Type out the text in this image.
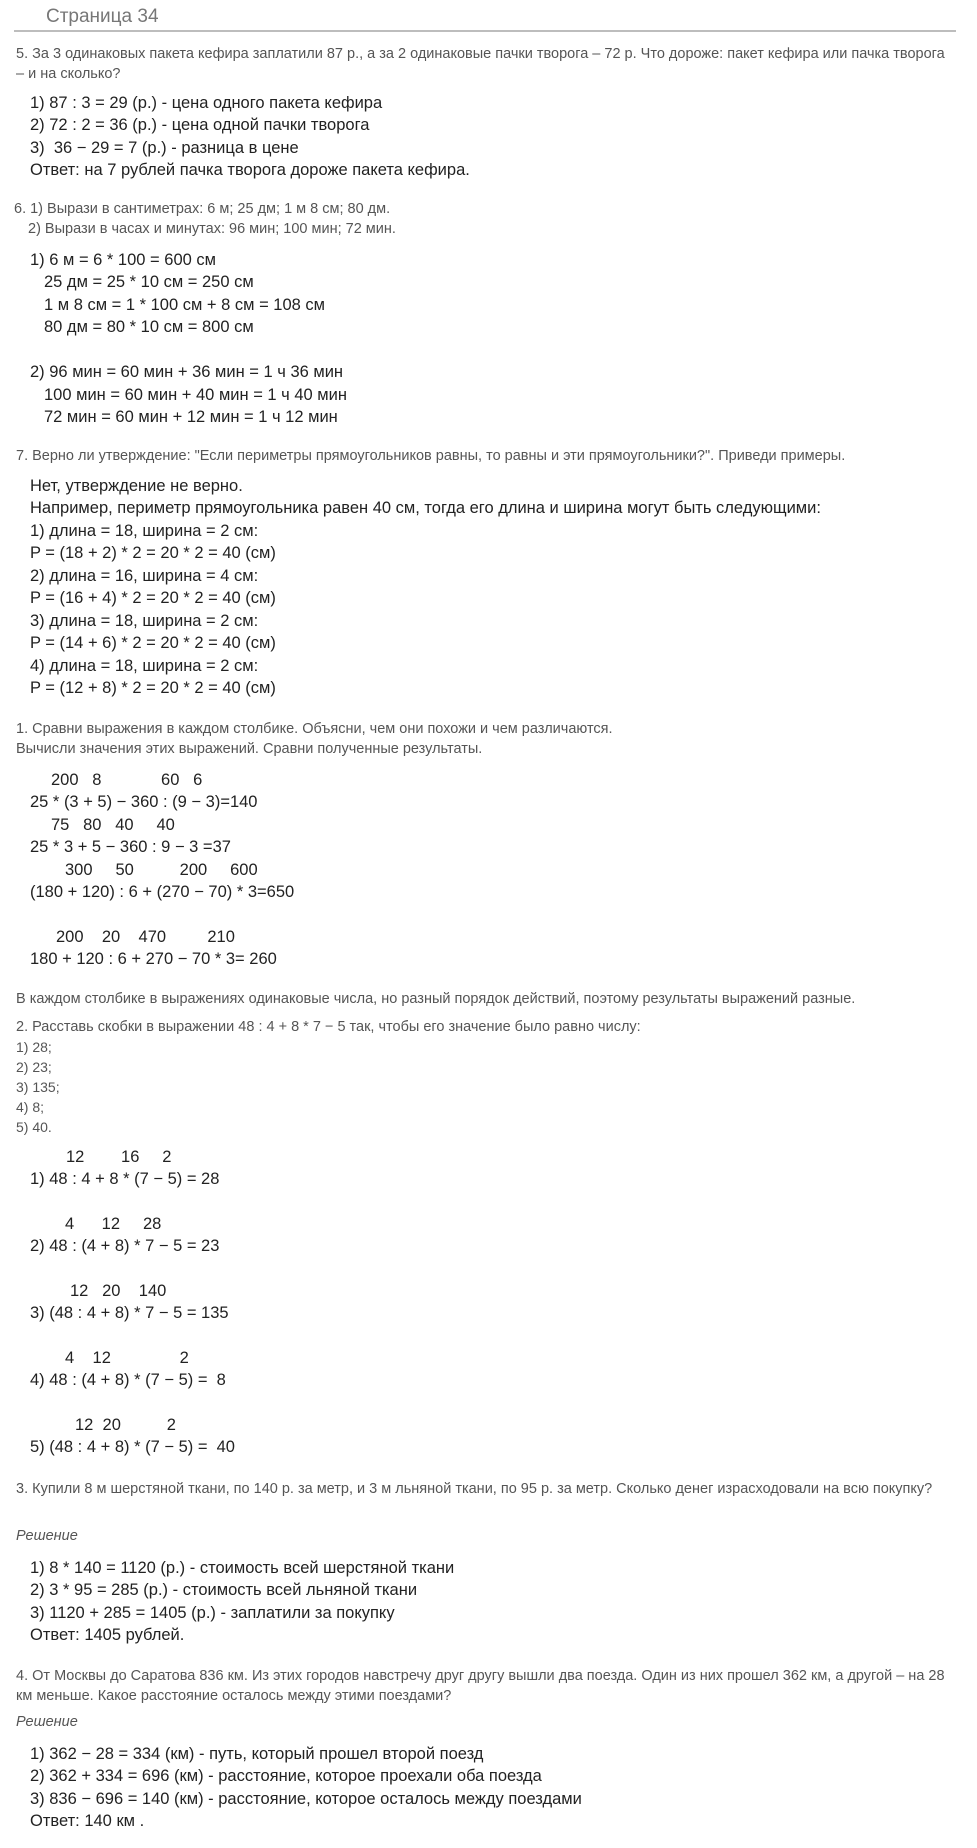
Страница 34

5. За 3 одинаковых пакета кефира заплатили 87 р., а за 2 одинаковые пачки творога – 72 р. Что дороже: пакет кефира или пачка творога – и на сколько?

1) 87 : 3 = 29 (р.) - цена одного пакета кефира

2) 72 : 2 = 36 (р.) - цена одной пачки творога

3)  36 − 29 = 7 (р.) - разница в цене

Ответ: на 7 рублей пачка творога дороже пакета кефира.

6. 1) Вырази в сантиметрах: 6 м; 25 дм; 1 м 8 см; 80 дм.

2) Вырази в часах и минутах: 96 мин; 100 мин; 72 мин.

1) 6 м = 6 * 100 = 600 см

25 дм = 25 * 10 см = 250 см

1 м 8 см = 1 * 100 см + 8 см = 108 см

80 дм = 80 * 10 см = 800 см

2) 96 мин = 60 мин + 36 мин = 1 ч 36 мин

100 мин = 60 мин + 40 мин = 1 ч 40 мин

72 мин = 60 мин + 12 мин = 1 ч 12 мин

7. Верно ли утверждение: "Если периметры прямоугольников равны, то равны и эти прямоугольники?". Приведи примеры.

Нет, утверждение не верно.

Например, периметр прямоугольника равен 40 см, тогда его длина и ширина могут быть следующими:

1) длина = 18, ширина = 2 см:

P = (18 + 2) * 2 = 20 * 2 = 40 (см)

2) длина = 16, ширина = 4 см:

P = (16 + 4) * 2 = 20 * 2 = 40 (см)

3) длина = 18, ширина = 2 см:

P = (14 + 6) * 2 = 20 * 2 = 40 (см)

4) длина = 18, ширина = 2 см:

P = (12 + 8) * 2 = 20 * 2 = 40 (см)

1. Сравни выражения в каждом столбике. Объясни, чем они похожи и чем различаются.

Вычисли значения этих выражений. Сравни полученные результаты.

200   8             60   6

25 * (3 + 5) − 360 : (9 − 3)=140

75   80   40     40

25 * 3 + 5 − 360 : 9 − 3 =37

300     50          200     600

(180 + 120) : 6 + (270 − 70) * 3=650

200    20    470         210

180 + 120 : 6 + 270 − 70 * 3= 260

В каждом столбике в выражениях одинаковые числа, но разный порядок действий, поэтому результаты выражений разные.

2. Расставь скобки в выражении 48 : 4 + 8 * 7 − 5 так, чтобы его значение было равно числу:

1) 28;

2) 23;

3) 135;

4) 8;

5) 40.

12        16     2

1) 48 : 4 + 8 * (7 − 5) = 28

4      12     28

2) 48 : (4 + 8) * 7 − 5 = 23

12   20    140

3) (48 : 4 + 8) * 7 − 5 = 135

4    12               2

4) 48 : (4 + 8) * (7 − 5) =  8

12  20          2

5) (48 : 4 + 8) * (7 − 5) =  40

3. Купили 8 м шерстяной ткани, по 140 р. за метр, и 3 м льняной ткани, по 95 р. за метр. Сколько денег израсходовали на всю покупку?

Решение

1) 8 * 140 = 1120 (р.) - стоимость всей шерстяной ткани

2) 3 * 95 = 285 (р.) - стоимость всей льняной ткани

3) 1120 + 285 = 1405 (р.) - заплатили за покупку

Ответ: 1405 рублей.

4. От Москвы до Саратова 836 км. Из этих городов навстречу друг другу вышли два поезда. Один из них прошел 362 км, а другой – на 28 км меньше. Какое расстояние осталось между этими поездами?

Решение

1) 362 − 28 = 334 (км) - путь, который прошел второй поезд

2) 362 + 334 = 696 (км) - расстояние, которое проехали оба поезда

3) 836 − 696 = 140 (км) - расстояние, которое осталось между поездами

Ответ: 140 км .
